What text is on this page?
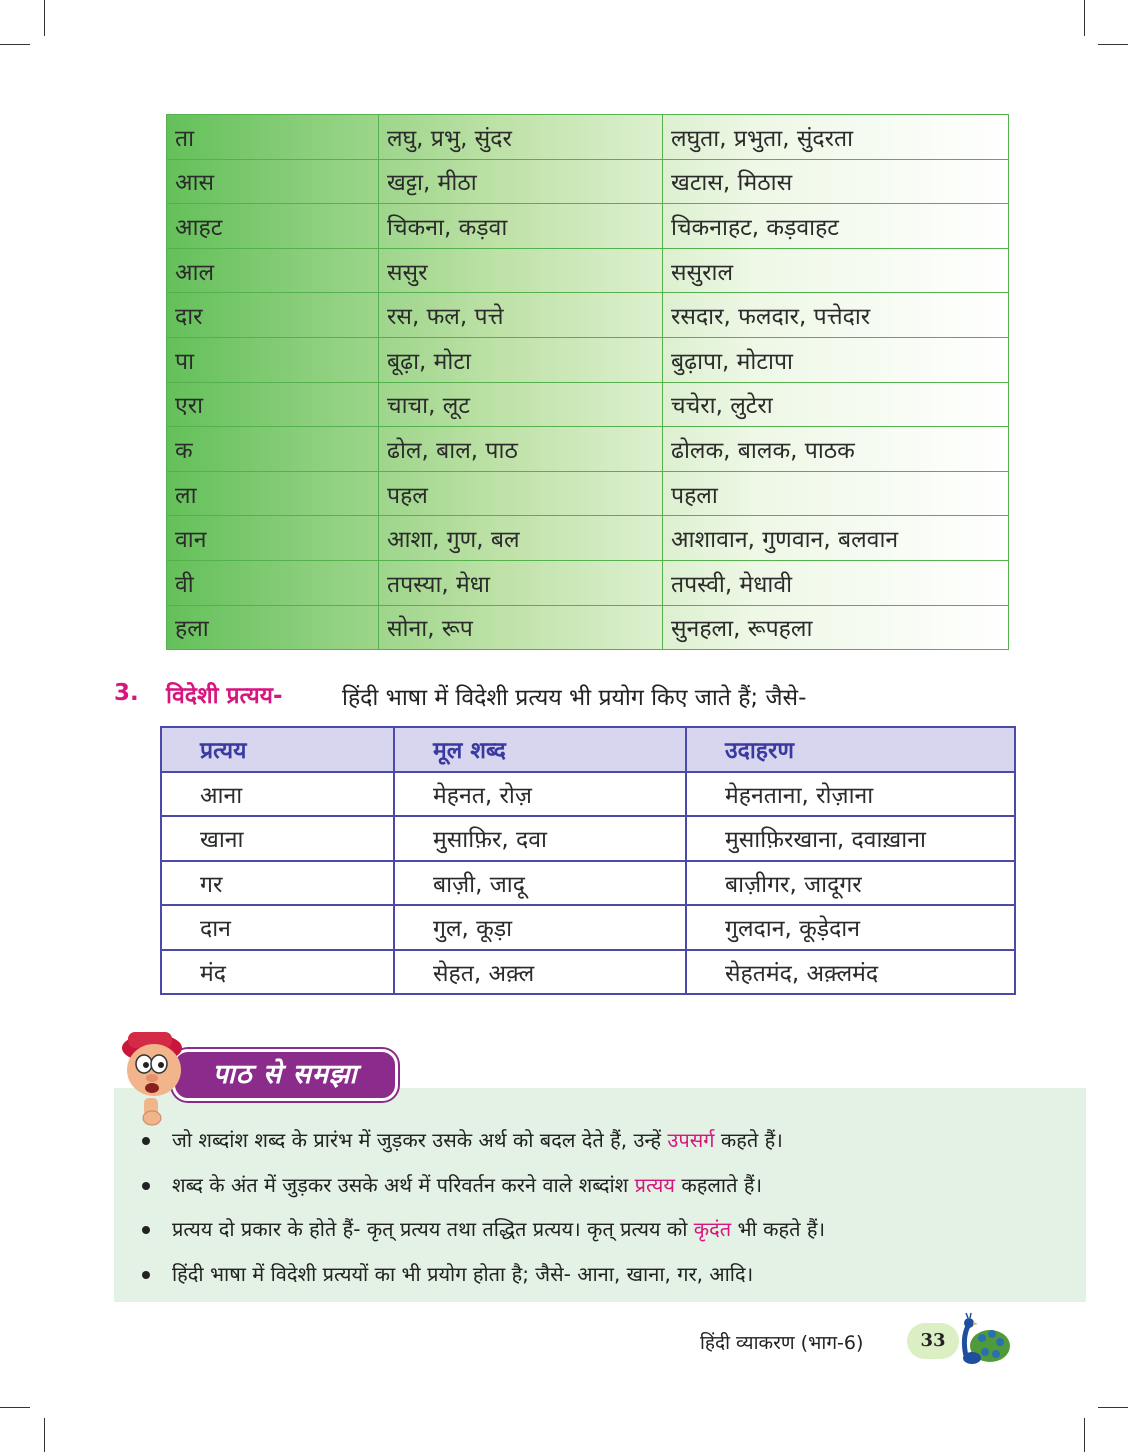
ता	लघु, प्रभु, सुंदर	लघुता, प्रभुता, सुंदरता
आस	खट्टा, मीठा	खटास, मिठास
आहट	चिकना, कड़वा	चिकनाहट, कड़वाहट
आल	ससुर	ससुराल
दार	रस, फल, पत्ते	रसदार, फलदार, पत्तेदार
पा	बूढ़ा, मोटा	बुढ़ापा, मोटापा
एरा	चाचा, लूट	चचेरा, लुटेरा
क	ढोल, बाल, पाठ	ढोलक, बालक, पाठक
ला	पहल	पहला
वान	आशा, गुण, बल	आशावान, गुणवान, बलवान
वी	तपस्या, मेधा	तपस्वी, मेधावी
हला	सोना, रूप	सुनहला, रूपहला
3. विदेशी प्रत्यय-	हिंदी भाषा में विदेशी प्रत्यय भी प्रयोग किए जाते हैं; जैसे-
प्रत्यय	मूल शब्द	उदाहरण
आना	मेहनत, रोज़	मेहनताना, रोज़ाना
खाना	मुसाफ़िर, दवा	मुसाफ़िरखाना, दवाख़ाना
गर	बाज़ी, जादू	बाज़ीगर, जादूगर
दान	गुल, कूड़ा	गुलदान, कूड़ेदान
मंद	सेहत, अक़्ल	सेहतमंद, अक़्लमंद
पाठ से समझा
जो शब्दांश शब्द के प्रारंभ में जुड़कर उसके अर्थ को बदल देते हैं, उन्हें उपसर्ग कहते हैं।
शब्द के अंत में जुड़कर उसके अर्थ में परिवर्तन करने वाले शब्दांश प्रत्यय कहलाते हैं।
प्रत्यय दो प्रकार के होते हैं- कृत् प्रत्यय तथा तद्धित प्रत्यय। कृत् प्रत्यय को कृदंत भी कहते हैं।
हिंदी भाषा में विदेशी प्रत्ययों का भी प्रयोग होता है; जैसे- आना, खाना, गर, आदि।
हिंदी व्याकरण (भाग-6)	33
